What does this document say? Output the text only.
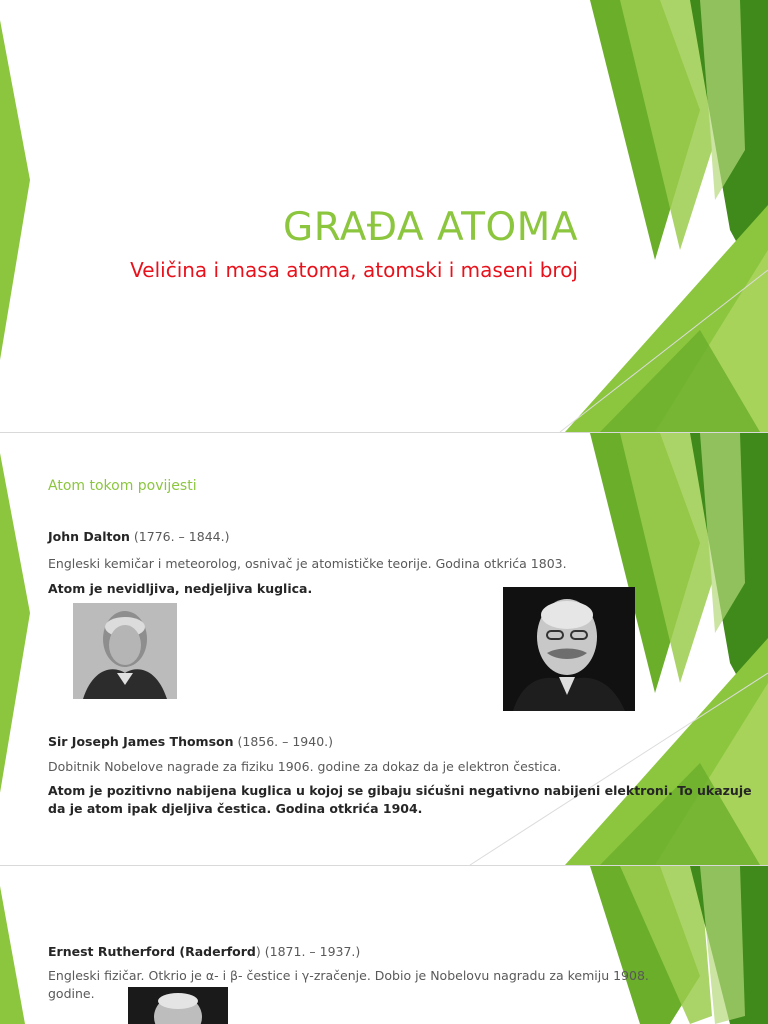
GRAĐA ATOMA
Veličina i masa atoma, atomski i maseni broj
Atom tokom povijesti
John Dalton (1776. – 1844.)
Engleski kemičar i meteorolog, osnivač je atomističke teorije. Godina otkrića 1803.
Atom je nevidljiva, nedjeljiva kuglica.
Sir Joseph James Thomson (1856. – 1940.)
Dobitnik Nobelove nagrade za fiziku 1906. godine za dokaz da je elektron čestica.
Atom je pozitivno nabijena kuglica u kojoj se gibaju sićušni negativno nabijeni elektroni. To ukazuje da je atom ipak djeljiva čestica. Godina otkrića 1904.
Ernest Rutherford (Raderford) (1871. – 1937.)
Engleski fizičar. Otkrio je α- i β- čestice i γ-zračenje. Dobio je Nobelovu nagradu za kemiju 1908. godine.
